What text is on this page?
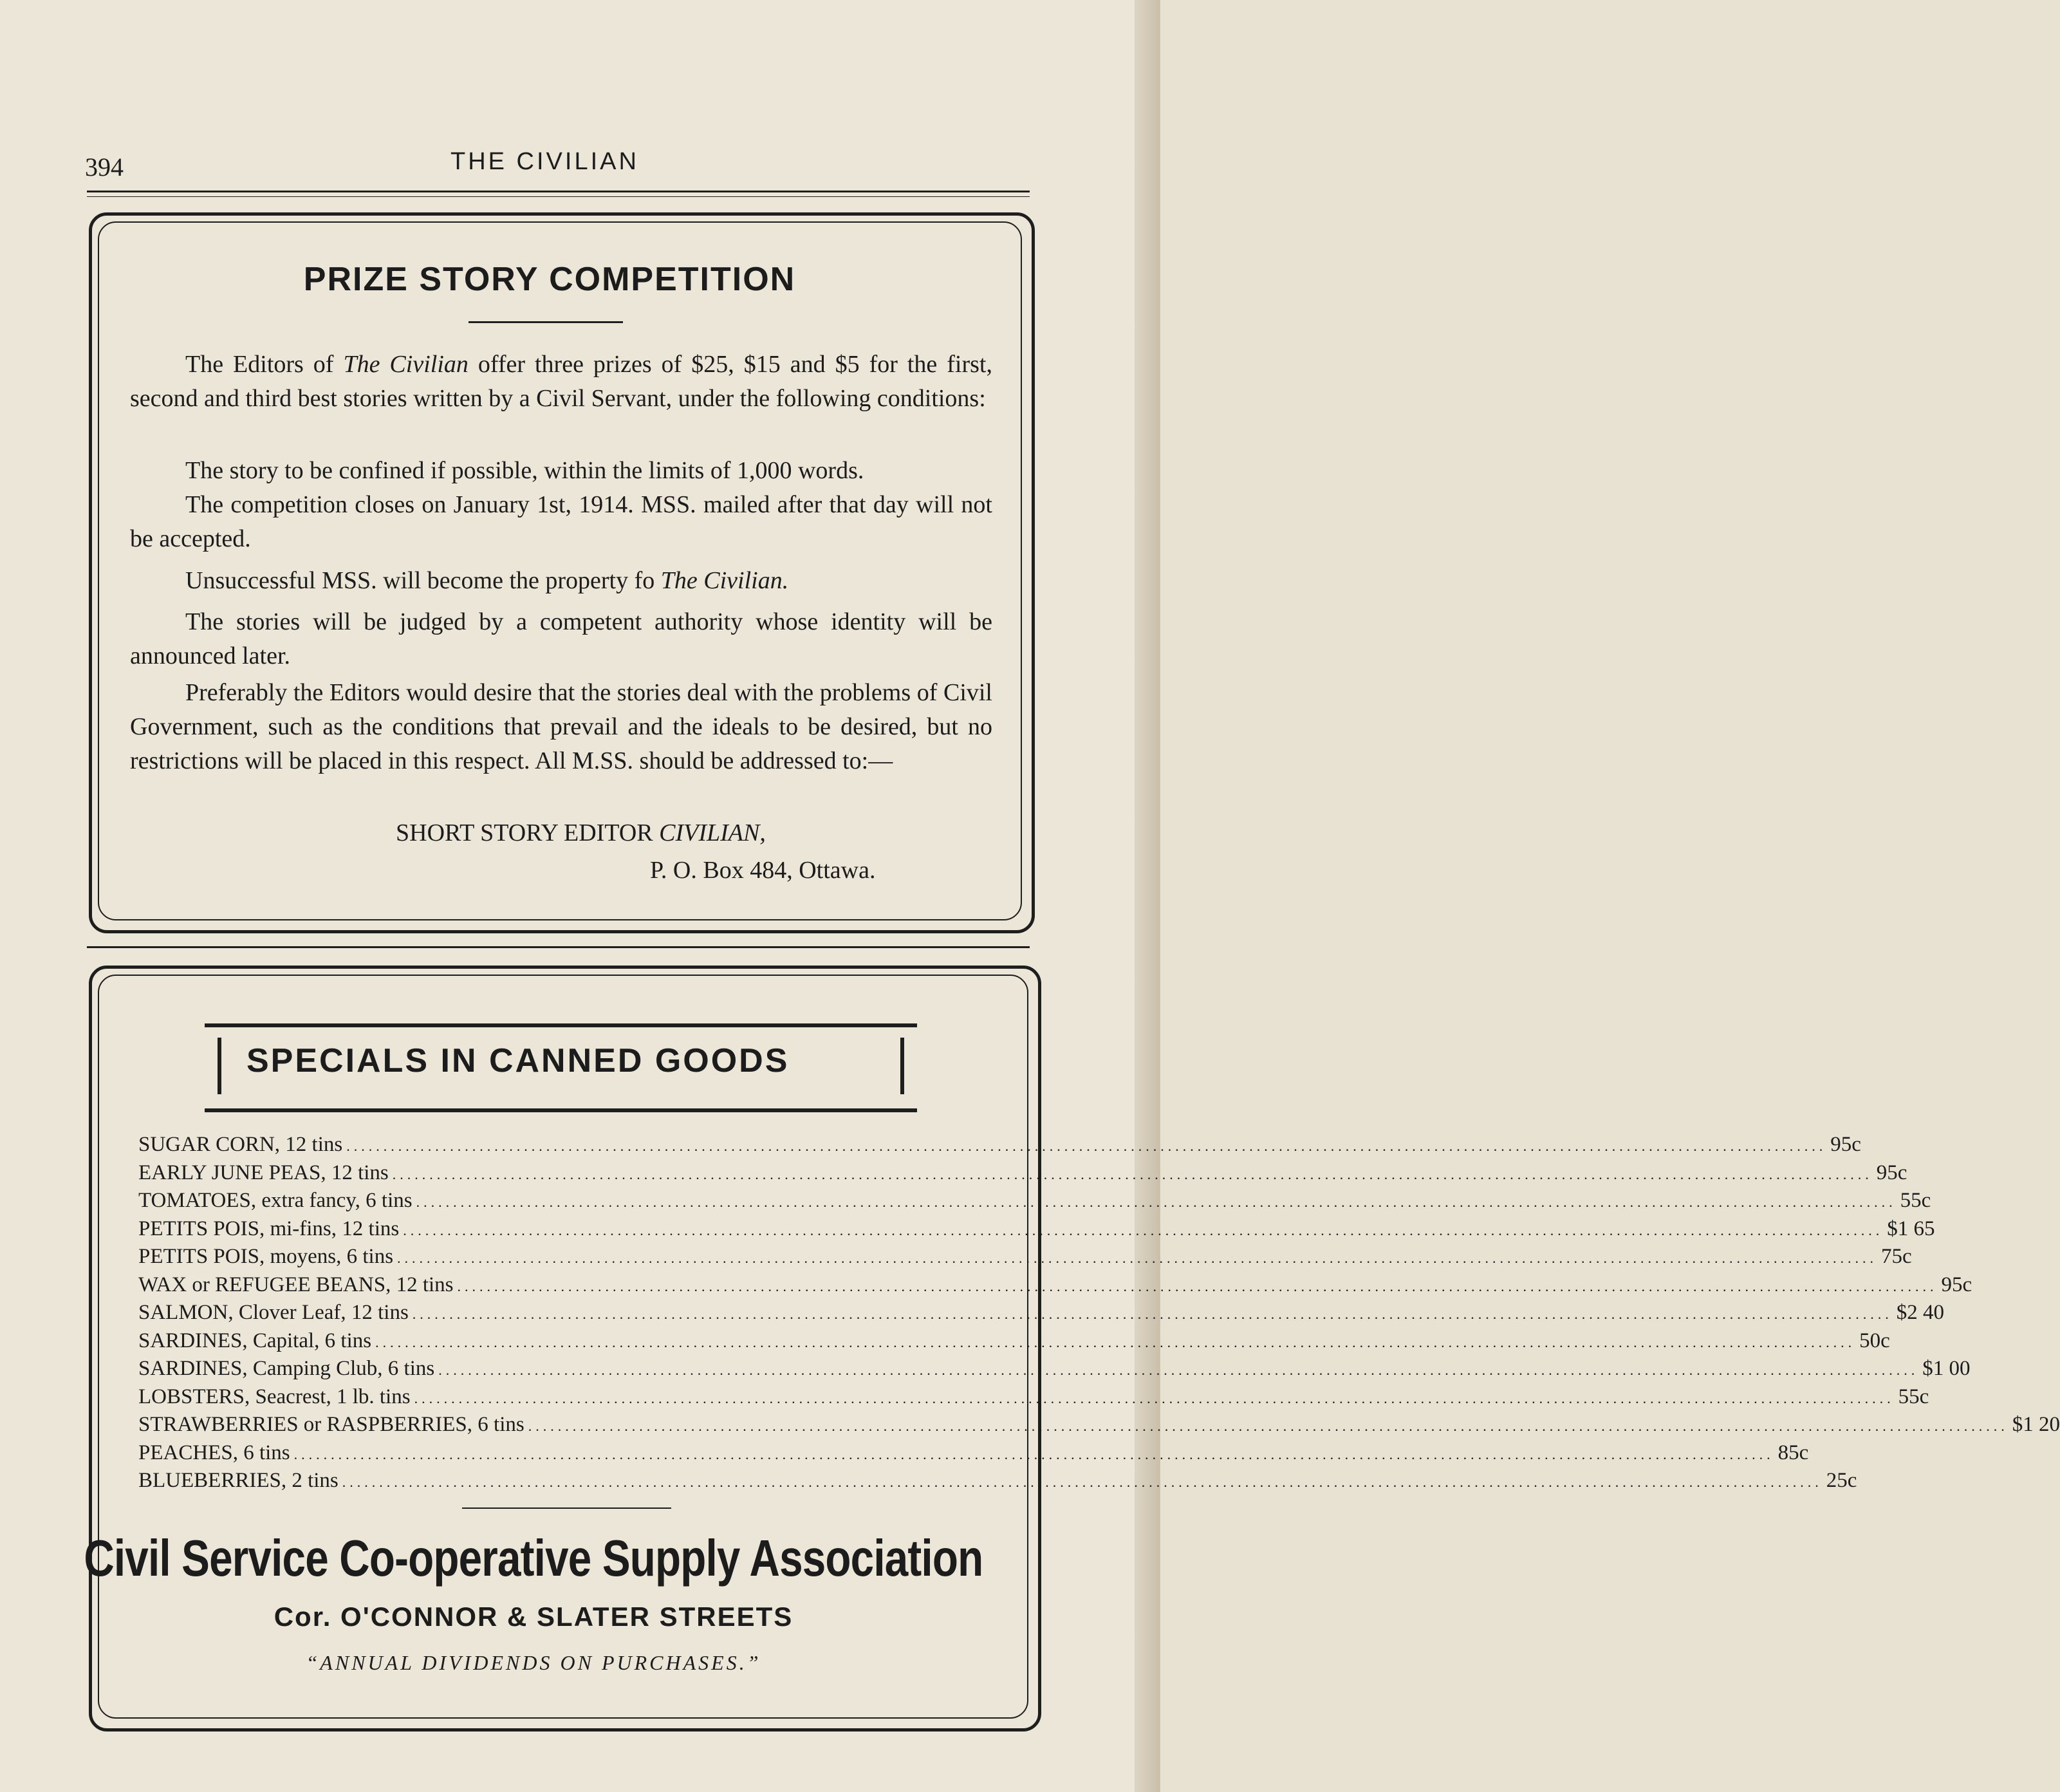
394	THE CIVILIAN
PRIZE STORY COMPETITION
The Editors of The Civilian offer three prizes of $25, $15 and $5 for the first, second and third best stories written by a Civil Servant, under the following conditions:
The story to be confined if possible, within the limits of 1,000 words.
The competition closes on January 1st, 1914. MSS. mailed after that day will not be accepted.
Unsuccessful MSS. will become the property fo The Civilian.
The stories will be judged by a competent authority whose identity will be announced later.
Preferably the Editors would desire that the stories deal with the problems of Civil Government, such as the conditions that prevail and the ideals to be desired, but no restrictions will be placed in this respect. All M.SS. should be addressed to:—
SHORT STORY EDITOR CIVILIAN,
P. O. Box 484, Ottawa.
SPECIALS IN CANNED GOODS
SUGAR CORN, 12 tins ........................................................................................................................................................................................................ 95c
EARLY JUNE PEAS, 12 tins ........................................................................................................................................................................................................ 95c
TOMATOES, extra fancy, 6 tins ........................................................................................................................................................................................................ 55c
PETITS POIS, mi-fins, 12 tins ........................................................................................................................................................................................................ $1 65
PETITS POIS, moyens, 6 tins ........................................................................................................................................................................................................ 75c
WAX or REFUGEE BEANS, 12 tins ........................................................................................................................................................................................................ 95c
SALMON, Clover Leaf, 12 tins ........................................................................................................................................................................................................ $2 40
SARDINES, Capital, 6 tins ........................................................................................................................................................................................................ 50c
SARDINES, Camping Club, 6 tins ........................................................................................................................................................................................................ $1 00
LOBSTERS, Seacrest, 1 lb. tins ........................................................................................................................................................................................................ 55c
STRAWBERRIES or RASPBERRIES, 6 tins ........................................................................................................................................................................................................ $1 20
PEACHES, 6 tins ........................................................................................................................................................................................................ 85c
BLUEBERRIES, 2 tins ........................................................................................................................................................................................................ 25c
Civil Service Co-operative Supply Association
Cor. O'CONNOR & SLATER STREETS
“ANNUAL DIVIDENDS ON PURCHASES.”
